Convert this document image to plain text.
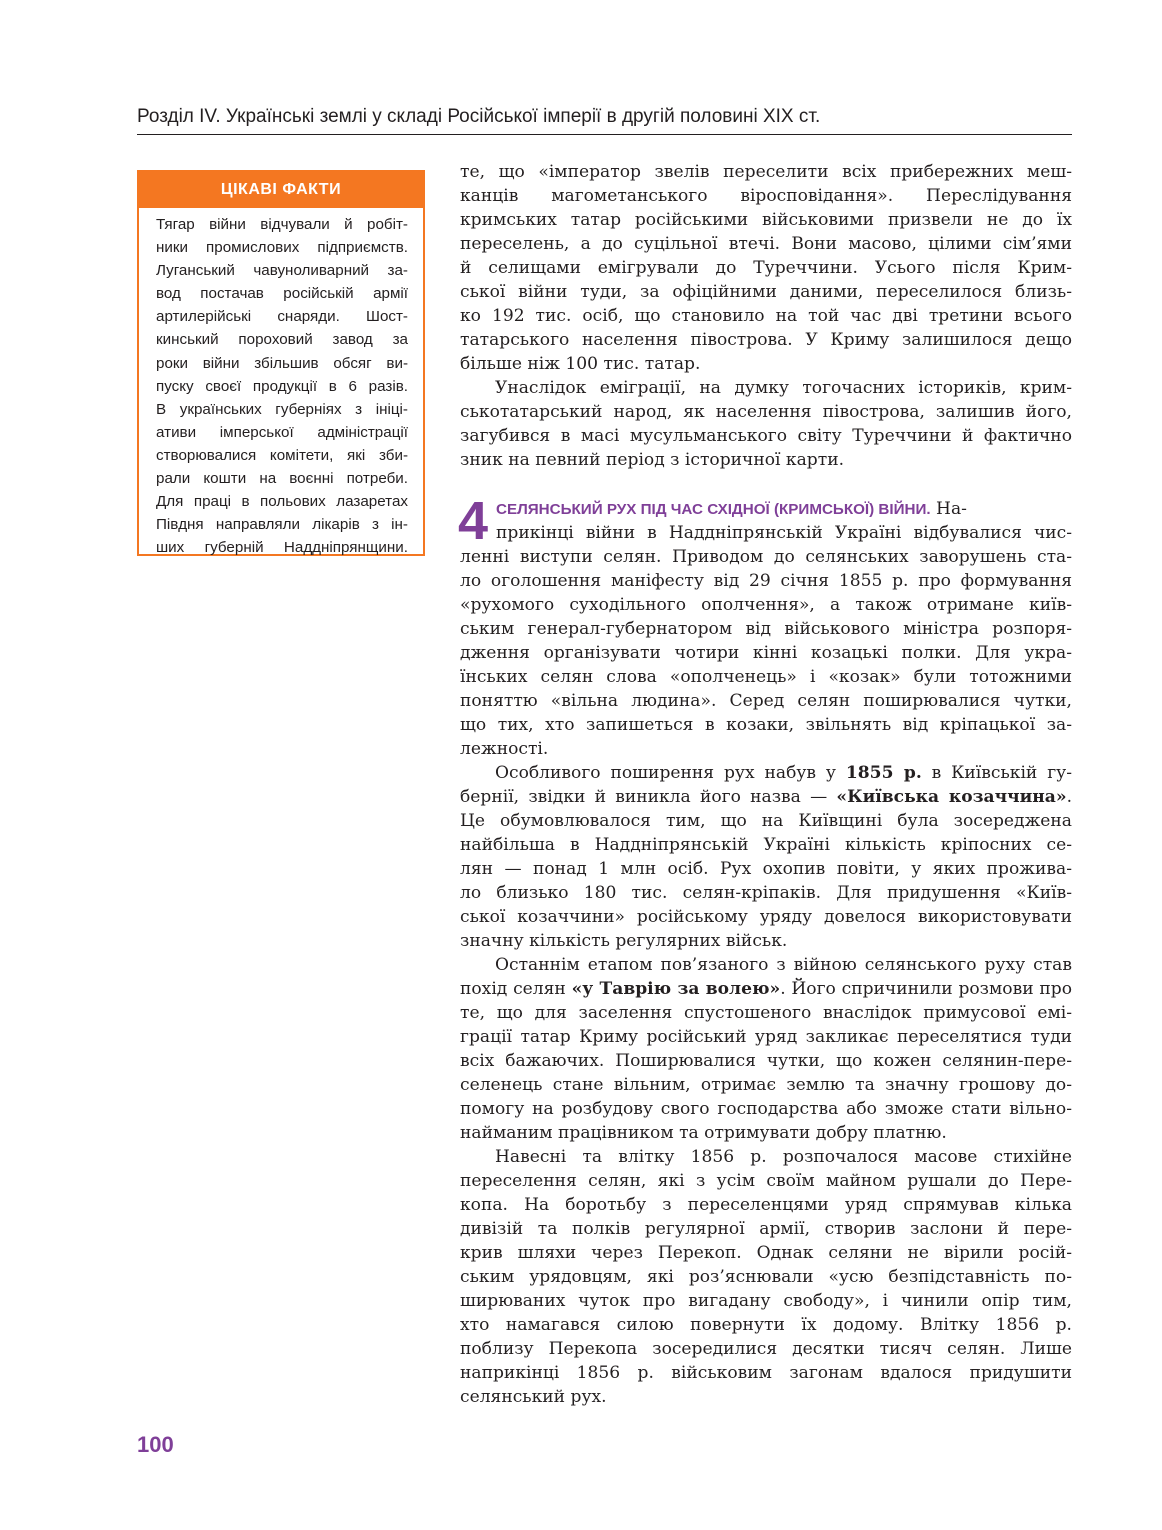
Розділ IV. Українські землі у складі Російської імперії в другій половині ХІХ ст.
ЦІКАВІ ФАКТИ
Тягар війни відчували й робіт-
ники промислових підприємств.
Луганський чавуноливарний за-
вод постачав російській армії
артилерійські снаряди. Шост-
кинський пороховий завод за
роки війни збільшив обсяг ви-
пуску своєї продукції в 6 разів.
В українських губерніях з ініці-
ативи імперської адміністрації
створювалися комітети, які зби-
рали кошти на воєнні потреби.
Для праці в польових лазаретах
Півдня направляли лікарів з ін-
ших губерній Наддніпрянщини.
те, що «імператор звелів переселити всіх прибережних меш-
канців магометанського віросповідання». Переслідування
кримських татар російськими військовими призвели не до їх
переселень, а до суцільної втечі. Вони масово, цілими сім’ями
й селищами емігрували до Туреччини. Усього після Крим-
ської війни туди, за офіційними даними, переселилося близь-
ко 192 тис. осіб, що становило на той час дві третини всього
татарського населення півострова. У Криму залишилося дещо
більше ніж 100 тис. татар.
Унаслідок еміграції, на думку тогочасних істориків, крим-
ськотатарський народ, як населення півострова, залишив його,
загубився в масі мусульманського світу Туреччини й фактично
зник на певний період з історичної карти.
4 СЕЛЯНСЬКИЙ РУХ ПІД ЧАС СХІДНОЇ (КРИМСЬКОЇ) ВІЙНИ. На-
прикінці війни в Наддніпрянській Україні відбувалися чис-
ленні виступи селян. Приводом до селянських заворушень ста-
ло оголошення маніфесту від 29 січня 1855 р. про формування
«рухомого суходільного ополчення», а також отримане київ-
ським генерал-губернатором від військового міністра розпоря-
дження організувати чотири кінні козацькі полки. Для укра-
їнських селян слова «ополченець» і «козак» були тотожними
поняттю «вільна людина». Серед селян поширювалися чутки,
що тих, хто запишеться в козаки, звільнять від кріпацької за-
лежності.
Особливого поширення рух набув у 1855 р. в Київській гу-
бернії, звідки й виникла його назва — «Київська козаччина».
Це обумовлювалося тим, що на Київщині була зосереджена
найбільша в Наддніпрянській Україні кількість кріпосних се-
лян — понад 1 млн осіб. Рух охопив повіти, у яких прожива-
ло близько 180 тис. селян-кріпаків. Для придушення «Київ-
ської козаччини» російському уряду довелося використовувати
значну кількість регулярних військ.
Останнім етапом пов’язаного з війною селянського руху став
похід селян «у Таврію за волею». Його спричинили розмови про
те, що для заселення спустошеного внаслідок примусової емі-
грації татар Криму російський уряд закликає переселятися туди
всіх бажаючих. Поширювалися чутки, що кожен селянин-пере-
селенець стане вільним, отримає землю та значну грошову до-
помогу на розбудову свого господарства або зможе стати вільно-
найманим працівником та отримувати добру платню.
Навесні та влітку 1856 р. розпочалося масове стихійне
переселення селян, які з усім своїм майном рушали до Пере-
копа. На боротьбу з переселенцями уряд спрямував кілька
дивізій та полків регулярної армії, створив заслони й пере-
крив шляхи через Перекоп. Однак селяни не вірили росій-
ським урядовцям, які роз’яснювали «усю безпідставність по-
ширюваних чуток про вигадану свободу», і чинили опір тим,
хто намагався силою повернути їх додому. Влітку 1856 р.
поблизу Перекопа зосередилися десятки тисяч селян. Лише
наприкінці 1856 р. військовим загонам вдалося придушити
селянський рух.
100
